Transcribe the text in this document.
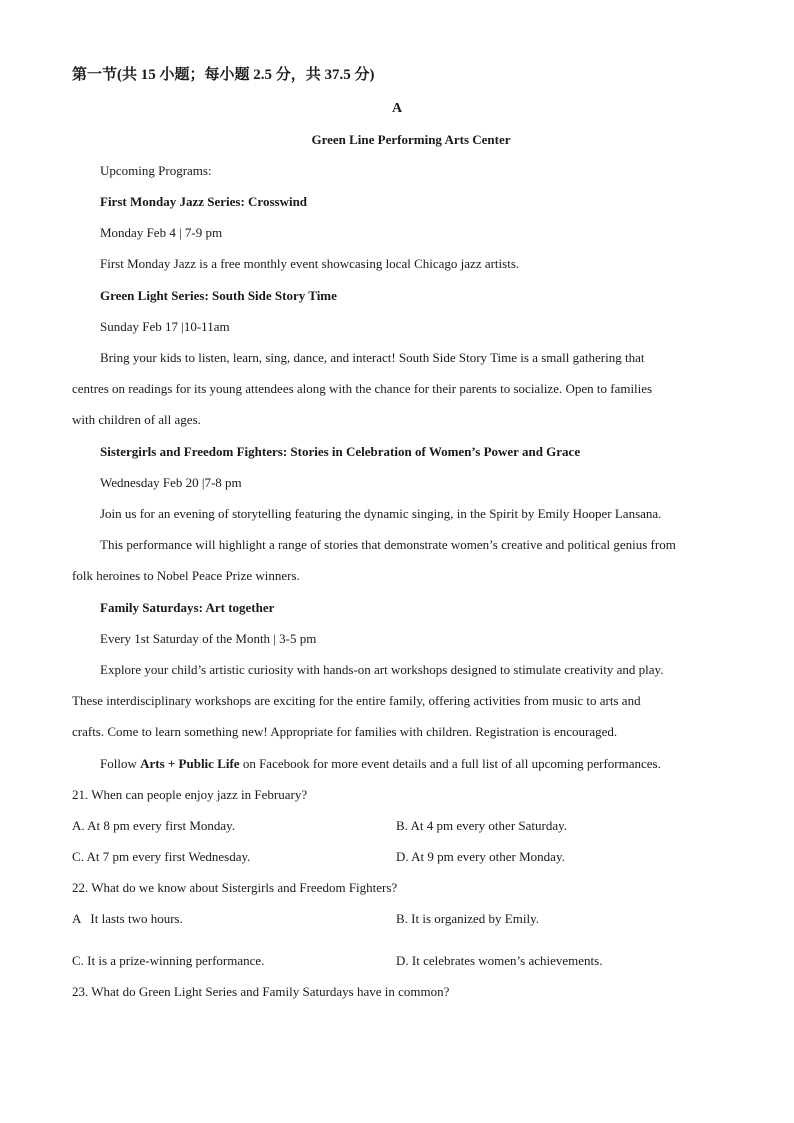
第一节(共 15 小题；每小题 2.5 分，共 37.5 分)
A
Green Line Performing Arts Center
Upcoming Programs:
First Monday Jazz Series: Crosswind
Monday Feb 4 | 7-9 pm
First Monday Jazz is a free monthly event showcasing local Chicago jazz artists.
Green Light Series: South Side Story Time
Sunday Feb 17 |10-11am
Bring your kids to listen, learn, sing, dance, and interact! South Side Story Time is a small gathering that
centres on readings for its young attendees along with the chance for their parents to socialize. Open to families
with children of all ages.
Sistergirls and Freedom Fighters: Stories in Celebration of Women’s Power and Grace
Wednesday Feb 20 |7-8 pm
Join us for an evening of storytelling featuring the dynamic singing, in the Spirit by Emily Hooper Lansana.
This performance will highlight a range of stories that demonstrate women’s creative and political genius from
folk heroines to Nobel Peace Prize winners.
Family Saturdays: Art together
Every 1st Saturday of the Month | 3-5 pm
Explore your child’s artistic curiosity with hands-on art workshops designed to stimulate creativity and play.
These interdisciplinary workshops are exciting for the entire family, offering activities from music to arts and
crafts. Come to learn something new! Appropriate for families with children. Registration is encouraged.
Follow Arts + Public Life on Facebook for more event details and a full list of all upcoming performances.
21. When can people enjoy jazz in February?
A. At 8 pm every first Monday.	B. At 4 pm every other Saturday.
C. At 7 pm every first Wednesday.	D. At 9 pm every other Monday.
22. What do we know about Sistergirls and Freedom Fighters?
A   It lasts two hours.	B. It is organized by Emily.
C. It is a prize-winning performance.	D. It celebrates women’s achievements.
23. What do Green Light Series and Family Saturdays have in common?
